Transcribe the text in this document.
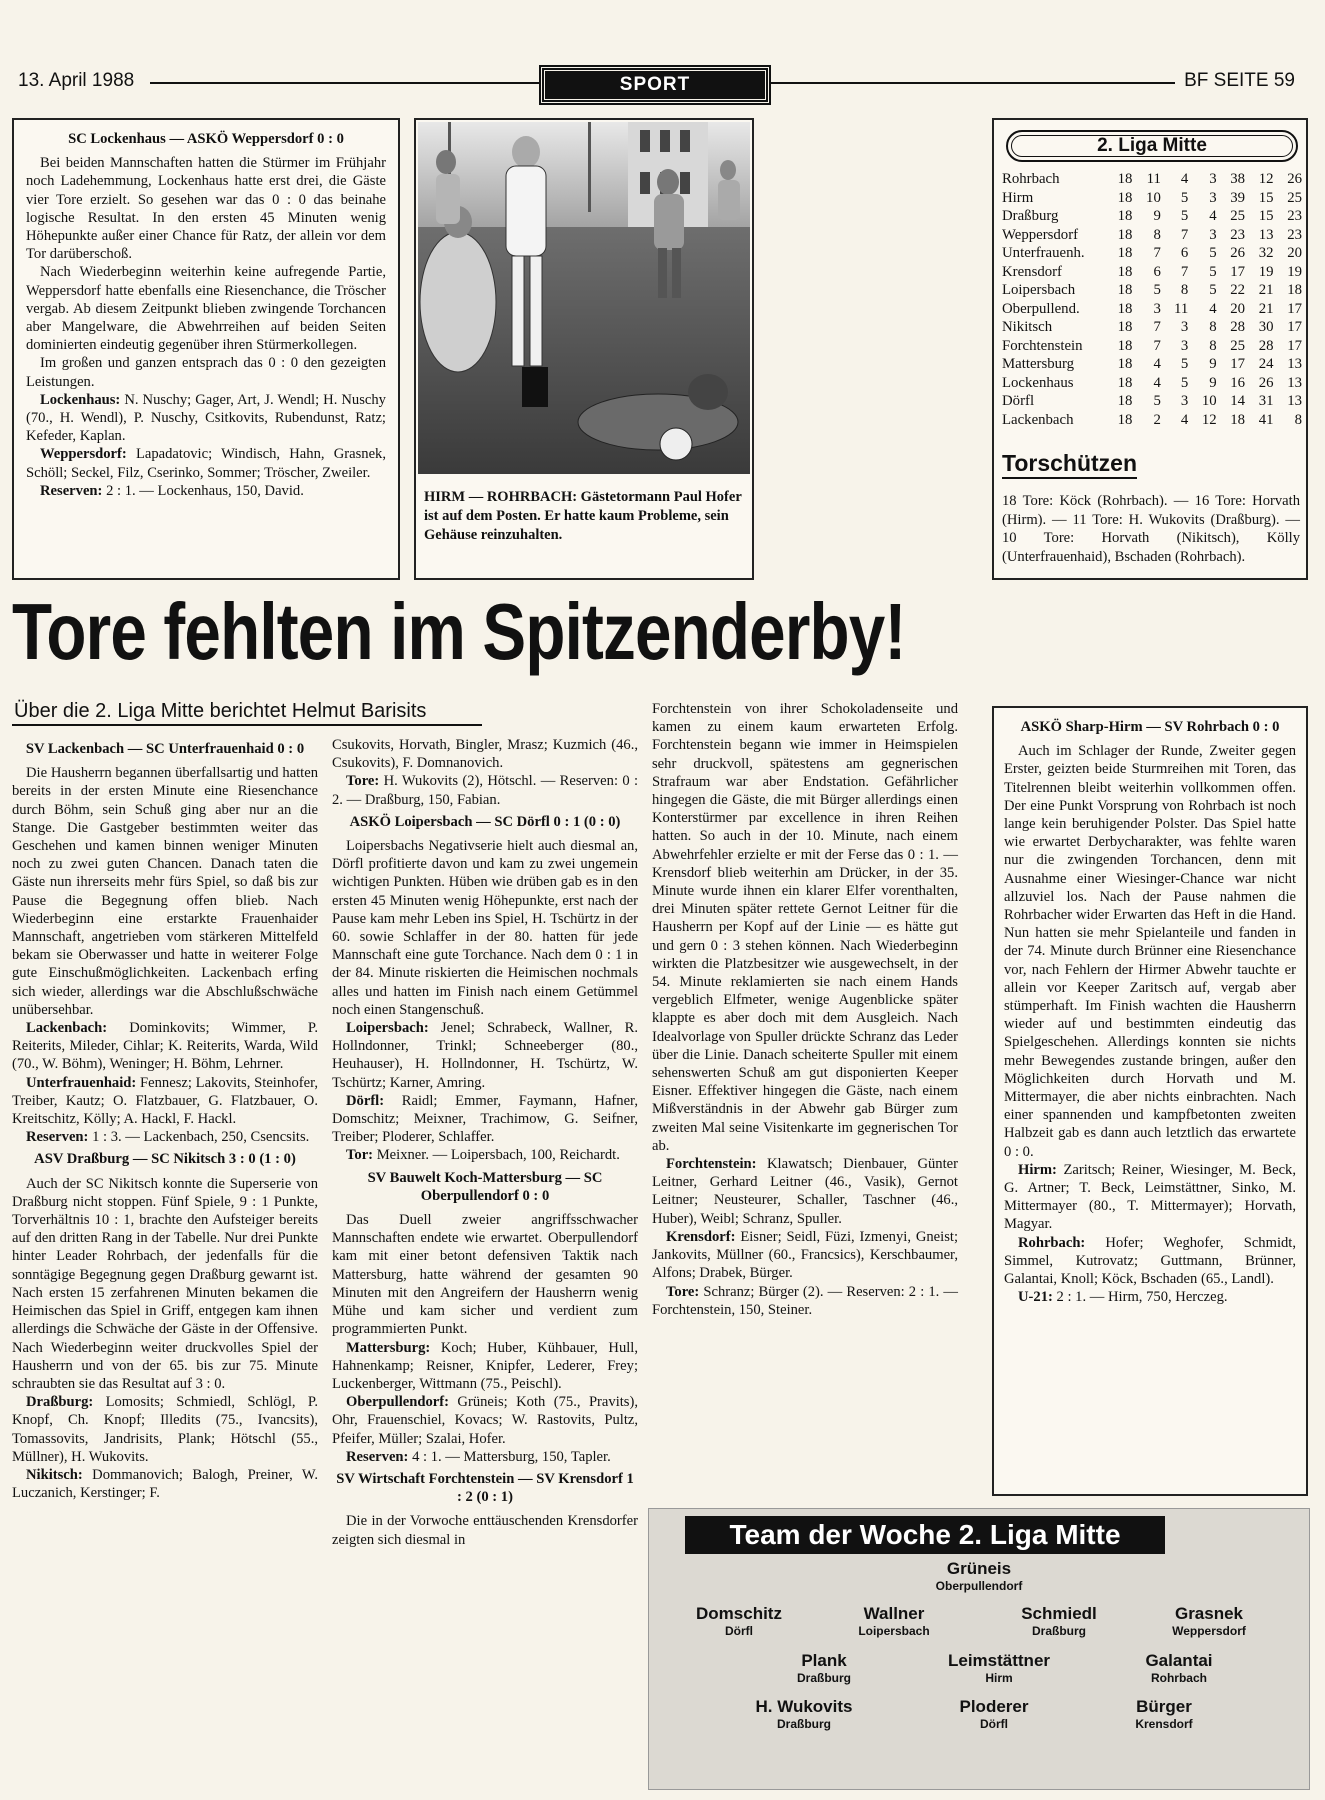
13. April 1988	SPORT	BF SEITE 59

SC Lockenhaus — ASKÖ Weppersdorf 0 : 0

Bei beiden Mannschaften hatten die Stürmer im Frühjahr noch Ladehemmung, Lockenhaus hatte erst drei, die Gäste vier Tore erzielt. So gesehen war das 0 : 0 das beinahe logische Resultat. In den ersten 45 Minuten wenig Höhepunkte außer einer Chance für Ratz, der allein vor dem Tor darüberschoß.

Nach Wiederbeginn weiterhin keine aufregende Partie, Weppersdorf hatte ebenfalls eine Riesenchance, die Tröscher vergab. Ab diesem Zeitpunkt blieben zwingende Torchancen aber Mangelware, die Abwehrreihen auf beiden Seiten dominierten eindeutig gegenüber ihren Stürmerkollegen.

Im großen und ganzen entsprach das 0 : 0 den gezeigten Leistungen.

Lockenhaus: N. Nuschy; Gager, Art, J. Wendl; H. Nuschy (70., H. Wendl), P. Nuschy, Csitkovits, Rubendunst, Ratz; Kefeder, Kaplan.

Weppersdorf: Lapadatovic; Windisch, Hahn, Grasnek, Schöll; Seckel, Filz, Cserinko, Sommer; Tröscher, Zweiler.

Reserven: 2 : 1. — Lockenhaus, 150, David.	HIRM — ROHRBACH: Gästetormann Paul Hofer ist auf dem Posten. Er hatte kaum Probleme, sein Gehäuse reinzuhalten.
2. Liga Mitte
Rohrbach	18	11	4	3	38	12	26
Hirm	18	10	5	3	39	15	25
Draßburg	18	9	5	4	25	15	23
Weppersdorf	18	8	7	3	23	13	23
Unterfrauenh.	18	7	6	5	26	32	20
Krensdorf	18	6	7	5	17	19	19
Loipersbach	18	5	8	5	22	21	18
Oberpullend.	18	3	11	4	20	21	17
Nikitsch	18	7	3	8	28	30	17
Forchtenstein	18	7	3	8	25	28	17
Mattersburg	18	4	5	9	17	24	13
Lockenhaus	18	4	5	9	16	26	13
Dörfl	18	5	3	10	14	31	13
Lackenbach	18	2	4	12	18	41	8
Torschützen
18 Tore: Köck (Rohrbach). — 16 Tore: Horvath (Hirm). — 11 Tore: H. Wukovits (Draßburg). — 10 Tore: Horvath (Nikitsch), Kölly (Unterfrauenhaid), Bschaden (Rohrbach).
Tore fehlten im Spitzenderby!
Über die 2. Liga Mitte berichtet Helmut Barisits

SV Lackenbach — SC Unterfrauenhaid 0 : 0

Die Hausherrn begannen überfallsartig und hatten bereits in der ersten Minute eine Riesenchance durch Böhm, sein Schuß ging aber nur an die Stange. Die Gastgeber bestimmten weiter das Geschehen und kamen binnen weniger Minuten noch zu zwei guten Chancen. Danach taten die Gäste nun ihrerseits mehr fürs Spiel, so daß bis zur Pause die Begegnung offen blieb. Nach Wiederbeginn eine erstarkte Frauenhaider Mannschaft, angetrieben vom stärkeren Mittelfeld bekam sie Oberwasser und hatte in weiterer Folge gute Einschußmöglichkeiten. Lackenbach erfing sich wieder, allerdings war die Abschlußschwäche unübersehbar.

Lackenbach: Dominkovits; Wimmer, P. Reiterits, Mileder, Cihlar; K. Reiterits, Warda, Wild (70., W. Böhm), Weninger; H. Böhm, Lehrner.

Unterfrauenhaid: Fennesz; Lakovits, Steinhofer, Treiber, Kautz; O. Flatzbauer, G. Flatzbauer, O. Kreitschitz, Kölly; A. Hackl, F. Hackl.

Reserven: 1 : 3. — Lackenbach, 250, Csencsits.

ASV Draßburg — SC Nikitsch 3 : 0 (1 : 0)

Auch der SC Nikitsch konnte die Superserie von Draßburg nicht stoppen. Fünf Spiele, 9 : 1 Punkte, Torverhältnis 10 : 1, brachte den Aufsteiger bereits auf den dritten Rang in der Tabelle. Nur drei Punkte hinter Leader Rohrbach, der jedenfalls für die sonntägige Begegnung gegen Draßburg gewarnt ist. Nach ersten 15 zerfahrenen Minuten bekamen die Heimischen das Spiel in Griff, entgegen kam ihnen allerdings die Schwäche der Gäste in der Offensive. Nach Wiederbeginn weiter druckvolles Spiel der Hausherrn und von der 65. bis zur 75. Minute schraubten sie das Resultat auf 3 : 0.

Draßburg: Lomosits; Schmiedl, Schlögl, P. Knopf, Ch. Knopf; Illedits (75., Ivancsits), Tomassovits, Jandrisits, Plank; Hötschl (55., Müllner), H. Wukovits.

Nikitsch: Dommanovich; Balogh, Preiner, W. Luczanich, Kerstinger; F.

Csukovits, Horvath, Bingler, Mrasz; Kuzmich (46., Csukovits), F. Domnanovich.

Tore: H. Wukovits (2), Hötschl. — Reserven: 0 : 2. — Draßburg, 150, Fabian.

ASKÖ Loipersbach — SC Dörfl 0 : 1 (0 : 0)

Loipersbachs Negativserie hielt auch diesmal an, Dörfl profitierte davon und kam zu zwei ungemein wichtigen Punkten. Hüben wie drüben gab es in den ersten 45 Minuten wenig Höhepunkte, erst nach der Pause kam mehr Leben ins Spiel, H. Tschürtz in der 60. sowie Schlaffer in der 80. hatten für jede Mannschaft eine gute Torchance. Nach dem 0 : 1 in der 84. Minute riskierten die Heimischen nochmals alles und hatten im Finish nach einem Getümmel noch einen Stangenschuß.

Loipersbach: Jenel; Schrabeck, Wallner, R. Hollndonner, Trinkl; Schneeberger (80., Heuhauser), H. Hollndonner, H. Tschürtz, W. Tschürtz; Karner, Amring.

Dörfl: Raidl; Emmer, Faymann, Hafner, Domschitz; Meixner, Trachimow, G. Seifner, Treiber; Ploderer, Schlaffer.

Tor: Meixner. — Loipersbach, 100, Reichardt.

SV Bauwelt Koch-Mattersburg — SC Oberpullendorf 0 : 0

Das Duell zweier angriffsschwacher Mannschaften endete wie erwartet. Oberpullendorf kam mit einer betont defensiven Taktik nach Mattersburg, hatte während der gesamten 90 Minuten mit den Angreifern der Hausherrn wenig Mühe und kam sicher und verdient zum programmierten Punkt.

Mattersburg: Koch; Huber, Kühbauer, Hull, Hahnenkamp; Reisner, Knipfer, Lederer, Frey; Luckenberger, Wittmann (75., Peischl).

Oberpullendorf: Grüneis; Koth (75., Pravits), Ohr, Frauenschiel, Kovacs; W. Rastovits, Pultz, Pfeifer, Müller; Szalai, Hofer.

Reserven: 4 : 1. — Mattersburg, 150, Tapler.

SV Wirtschaft Forchtenstein — SV Krensdorf 1 : 2 (0 : 1)

Die in der Vorwoche enttäuschenden Krensdorfer zeigten sich diesmal in

Forchtenstein von ihrer Schokoladenseite und kamen zu einem kaum erwarteten Erfolg. Forchtenstein begann wie immer in Heimspielen sehr druckvoll, spätestens am gegnerischen Strafraum war aber Endstation. Gefährlicher hingegen die Gäste, die mit Bürger allerdings einen Konterstürmer par excellence in ihren Reihen hatten. So auch in der 10. Minute, nach einem Abwehrfehler erzielte er mit der Ferse das 0 : 1. — Krensdorf blieb weiterhin am Drücker, in der 35. Minute wurde ihnen ein klarer Elfer vorenthalten, drei Minuten später rettete Gernot Leitner für die Hausherrn per Kopf auf der Linie — es hätte gut und gern 0 : 3 stehen können. Nach Wiederbeginn wirkten die Platzbesitzer wie ausgewechselt, in der 54. Minute reklamierten sie nach einem Hands vergeblich Elfmeter, wenige Augenblicke später klappte es aber doch mit dem Ausgleich. Nach Idealvorlage von Spuller drückte Schranz das Leder über die Linie. Danach scheiterte Spuller mit einem sehenswerten Schuß am gut disponierten Keeper Eisner. Effektiver hingegen die Gäste, nach einem Mißverständnis in der Abwehr gab Bürger zum zweiten Mal seine Visitenkarte im gegnerischen Tor ab.

Forchtenstein: Klawatsch; Dienbauer, Günter Leitner, Gerhard Leitner (46., Vasik), Gernot Leitner; Neusteurer, Schaller, Taschner (46., Huber), Weibl; Schranz, Spuller.

Krensdorf: Eisner; Seidl, Füzi, Izmenyi, Gneist; Jankovits, Müllner (60., Francsics), Kerschbaumer, Alfons; Drabek, Bürger.

Tore: Schranz; Bürger (2). — Reserven: 2 : 1. — Forchtenstein, 150, Steiner.

ASKÖ Sharp-Hirm — SV Rohrbach 0 : 0

Auch im Schlager der Runde, Zweiter gegen Erster, geizten beide Sturmreihen mit Toren, das Titelrennen bleibt weiterhin vollkommen offen. Der eine Punkt Vorsprung von Rohrbach ist noch lange kein beruhigender Polster. Das Spiel hatte wie erwartet Derbycharakter, was fehlte waren nur die zwingenden Torchancen, denn mit Ausnahme einer Wiesinger-Chance war nicht allzuviel los. Nach der Pause nahmen die Rohrbacher wider Erwarten das Heft in die Hand. Nun hatten sie mehr Spielanteile und fanden in der 74. Minute durch Brünner eine Riesenchance vor, nach Fehlern der Hirmer Abwehr tauchte er allein vor Keeper Zaritsch auf, vergab aber stümperhaft. Im Finish wachten die Hausherrn wieder auf und bestimmten eindeutig das Spielgeschehen. Allerdings konnten sie nichts mehr Bewegendes zustande bringen, außer den Möglichkeiten durch Horvath und M. Mittermayer, die aber nichts einbrachten. Nach einer spannenden und kampfbetonten zweiten Halbzeit gab es dann auch letztlich das erwartete 0 : 0.

Hirm: Zaritsch; Reiner, Wiesinger, M. Beck, G. Artner; T. Beck, Leimstättner, Sinko, M. Mittermayer (80., T. Mittermayer); Horvath, Magyar.

Rohrbach: Hofer; Weghofer, Schmidt, Simmel, Kutrovatz; Guttmann, Brünner, Galantai, Knoll; Köck, Bschaden (65., Landl).

U-21: 2 : 1. — Hirm, 750, Herczeg.

Team der Woche 2. Liga Mitte
Grüneis
Oberpullendorf
Domschitz
Dörfl
Wallner
Loipersbach
Schmiedl
Draßburg
Grasnek
Weppersdorf
Plank
Draßburg
Leimstättner
Hirm
Galantai
Rohrbach
H. Wukovits
Draßburg
Ploderer
Dörfl
Bürger
Krensdorf
